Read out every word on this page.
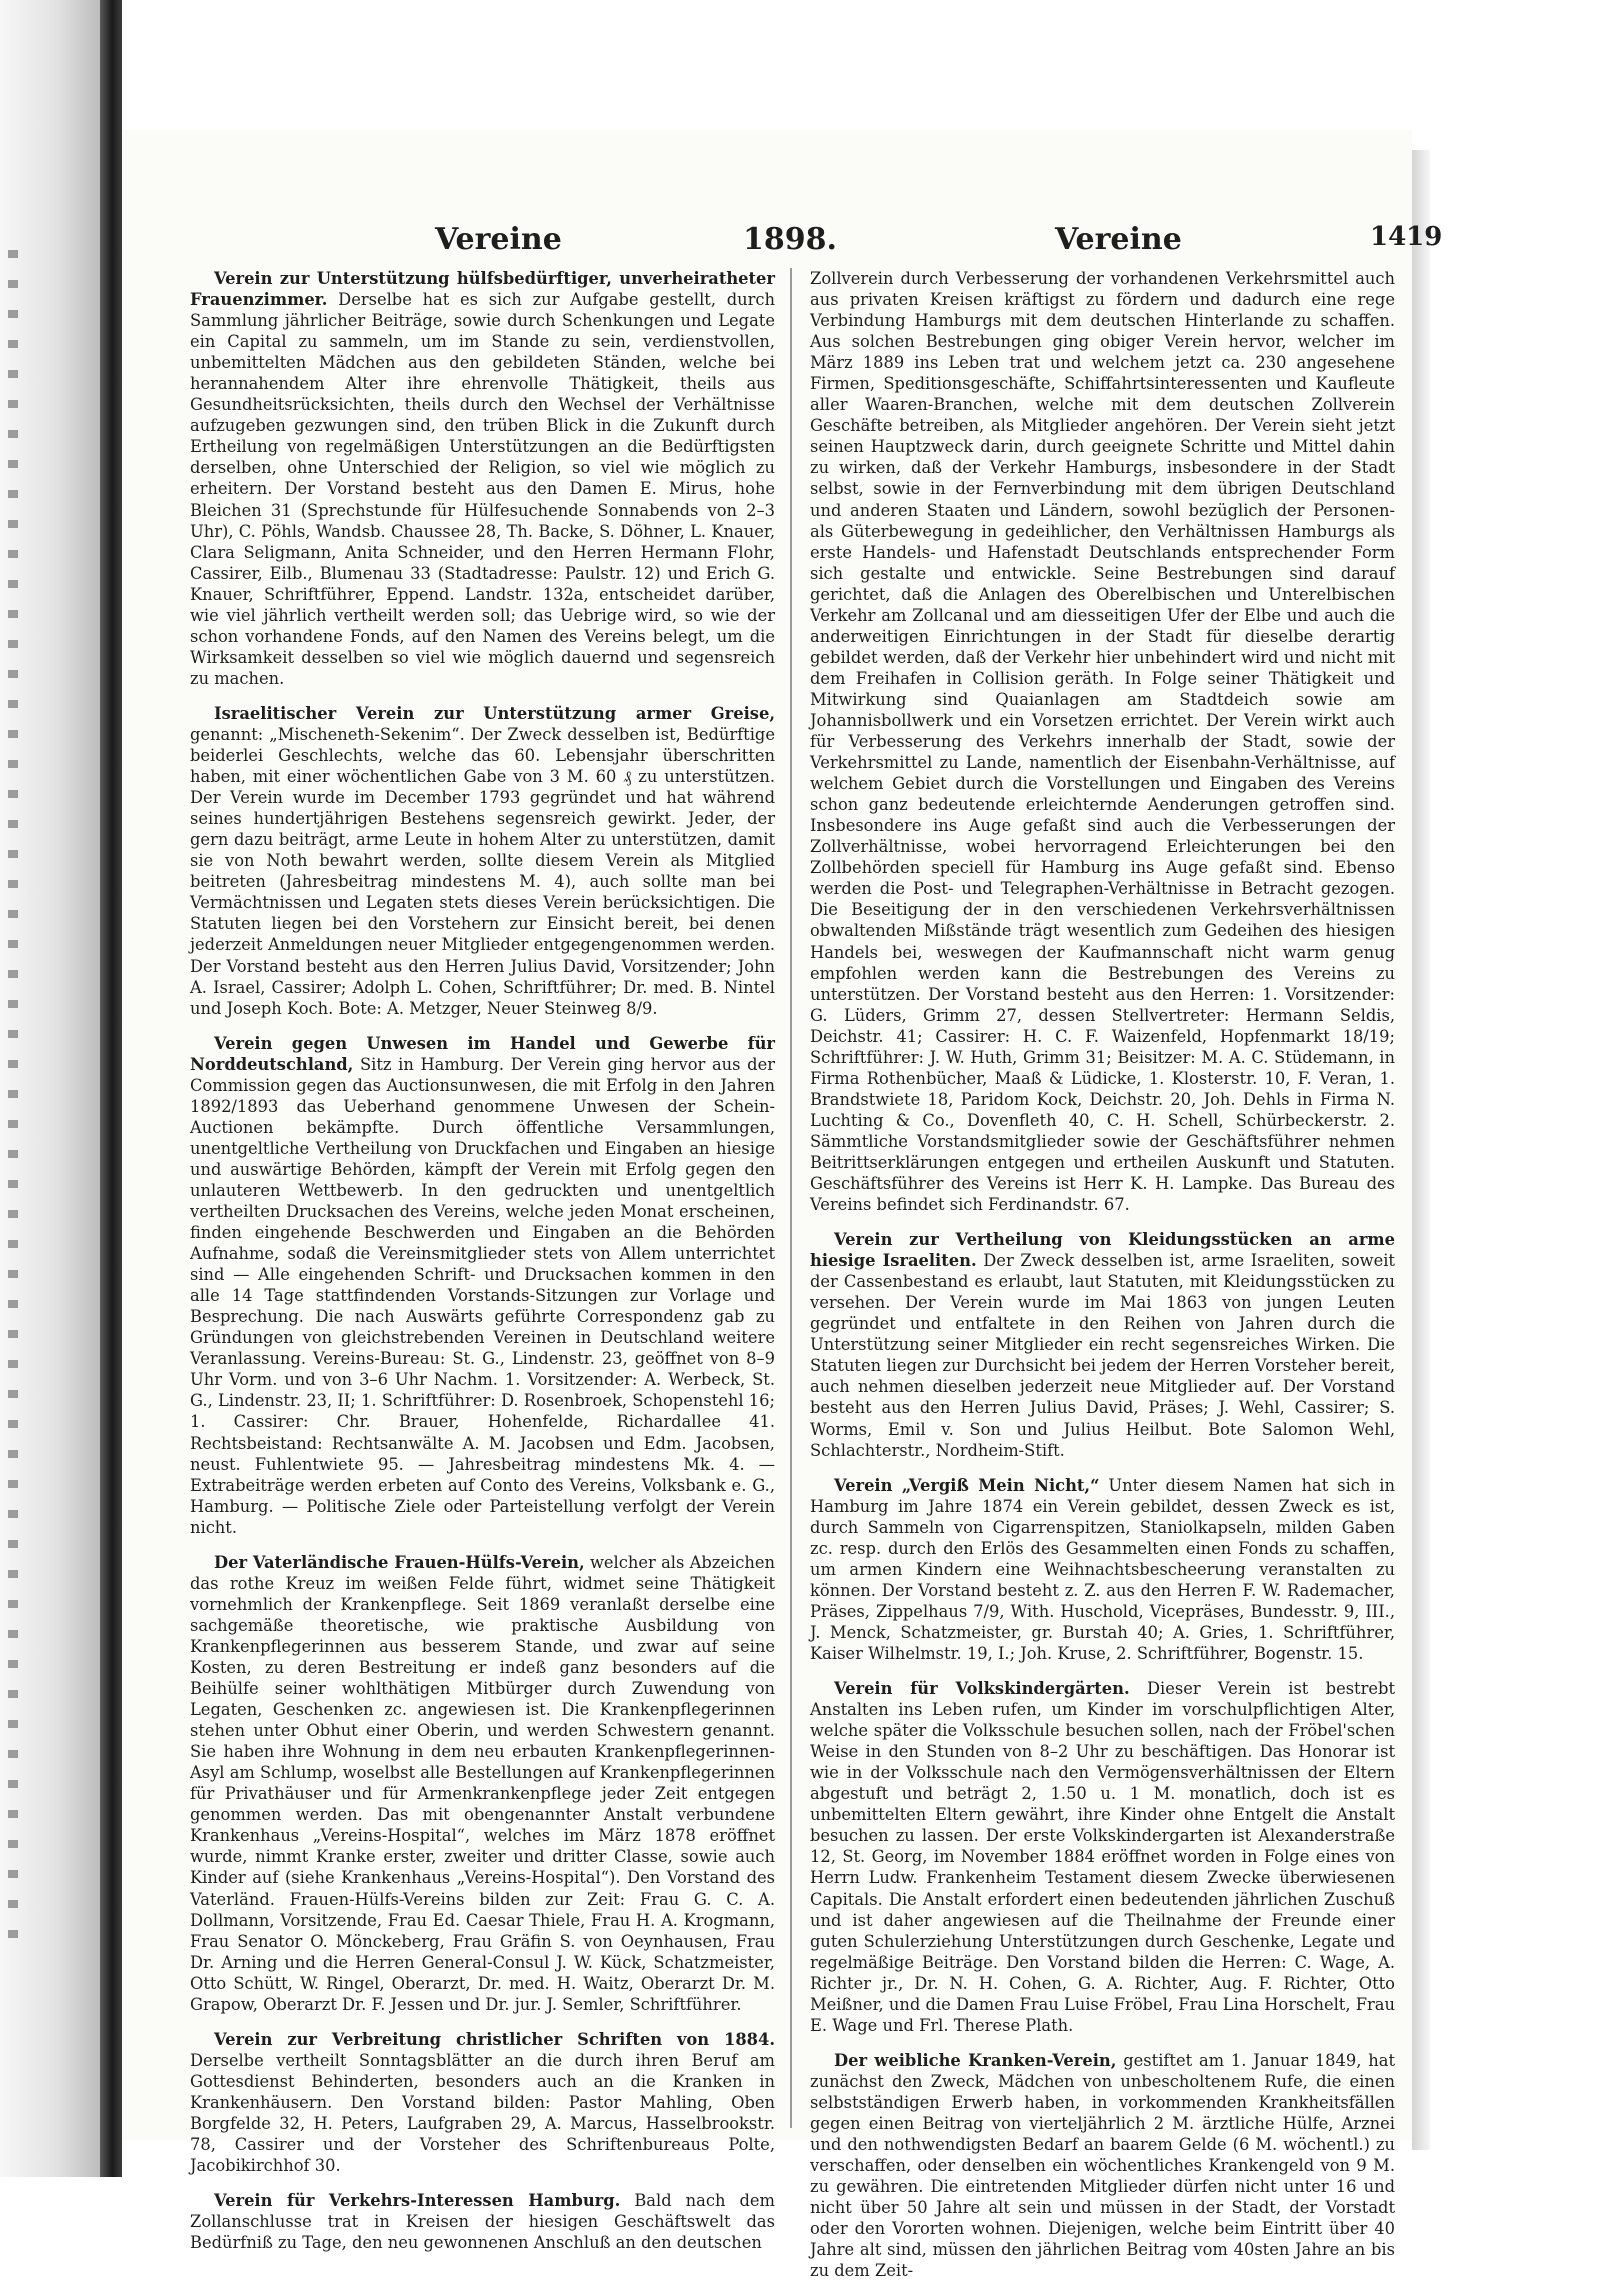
Vereine	1898.	Vereine	1419

Verein zur Unterstützung hülfsbedürftiger, unverheiratheter Frauenzimmer. Derselbe hat es sich zur Aufgabe gestellt, durch Sammlung jährlicher Beiträge, sowie durch Schenkungen und Legate ein Capital zu sammeln, um im Stande zu sein, verdienstvollen, unbemittelten Mädchen aus den gebildeten Ständen, welche bei herannahendem Alter ihre ehrenvolle Thätigkeit, theils aus Gesundheitsrücksichten, theils durch den Wechsel der Verhältnisse aufzugeben gezwungen sind, den trüben Blick in die Zukunft durch Ertheilung von regelmäßigen Unterstützungen an die Bedürftigsten derselben, ohne Unterschied der Religion, so viel wie möglich zu erheitern. Der Vorstand besteht aus den Damen E. Mirus, hohe Bleichen 31 (Sprechstunde für Hülfesuchende Sonnabends von 2–3 Uhr), C. Pöhls, Wandsb. Chaussee 28, Th. Backe, S. Döhner, L. Knauer, Clara Seligmann, Anita Schneider, und den Herren Hermann Flohr, Cassirer, Eilb., Blumenau 33 (Stadtadresse: Paulstr. 12) und Erich G. Knauer, Schriftführer, Eppend. Landstr. 132a, entscheidet darüber, wie viel jährlich vertheilt werden soll; das Uebrige wird, so wie der schon vorhandene Fonds, auf den Namen des Vereins belegt, um die Wirksamkeit desselben so viel wie möglich dauernd und segensreich zu machen.

Israelitischer Verein zur Unterstützung armer Greise, genannt: „Mischeneth-Sekenim“. Der Zweck desselben ist, Bedürftige beiderlei Geschlechts, welche das 60. Lebensjahr überschritten haben, mit einer wöchentlichen Gabe von 3 M. 60 ₰ zu unterstützen. Der Verein wurde im December 1793 gegründet und hat während seines hundertjährigen Bestehens segensreich gewirkt. Jeder, der gern dazu beiträgt, arme Leute in hohem Alter zu unterstützen, damit sie von Noth bewahrt werden, sollte diesem Verein als Mitglied beitreten (Jahresbeitrag mindestens M. 4), auch sollte man bei Vermächtnissen und Legaten stets dieses Verein berücksichtigen. Die Statuten liegen bei den Vorstehern zur Einsicht bereit, bei denen jederzeit Anmeldungen neuer Mitglieder entgegengenommen werden. Der Vorstand besteht aus den Herren Julius David, Vorsitzender; John A. Israel, Cassirer; Adolph L. Cohen, Schriftführer; Dr. med. B. Nintel und Joseph Koch. Bote: A. Metzger, Neuer Steinweg 8/9.

Verein gegen Unwesen im Handel und Gewerbe für Norddeutschland, Sitz in Hamburg. Der Verein ging hervor aus der Commission gegen das Auctionsunwesen, die mit Erfolg in den Jahren 1892/1893 das Ueberhand genommene Unwesen der Schein-Auctionen bekämpfte. Durch öffentliche Versammlungen, unentgeltliche Vertheilung von Druckfachen und Eingaben an hiesige und auswärtige Behörden, kämpft der Verein mit Erfolg gegen den unlauteren Wettbewerb. In den gedruckten und unentgeltlich vertheilten Drucksachen des Vereins, welche jeden Monat erscheinen, finden eingehende Beschwerden und Eingaben an die Behörden Aufnahme, sodaß die Vereinsmitglieder stets von Allem unterrichtet sind — Alle eingehenden Schrift- und Drucksachen kommen in den alle 14 Tage stattfindenden Vorstands-Sitzungen zur Vorlage und Besprechung. Die nach Auswärts geführte Correspondenz gab zu Gründungen von gleichstrebenden Vereinen in Deutschland weitere Veranlassung. Vereins-Bureau: St. G., Lindenstr. 23, geöffnet von 8–9 Uhr Vorm. und von 3–6 Uhr Nachm. 1. Vorsitzender: A. Werbeck, St. G., Lindenstr. 23, II; 1. Schriftführer: D. Rosenbroek, Schopenstehl 16; 1. Cassirer: Chr. Brauer, Hohenfelde, Richardallee 41. Rechtsbeistand: Rechtsanwälte A. M. Jacobsen und Edm. Jacobsen, neust. Fuhlentwiete 95. — Jahresbeitrag mindestens Mk. 4. — Extrabeiträge werden erbeten auf Conto des Vereins, Volksbank e. G., Hamburg. — Politische Ziele oder Parteistellung verfolgt der Verein nicht.

Der Vaterländische Frauen-Hülfs-Verein, welcher als Abzeichen das rothe Kreuz im weißen Felde führt, widmet seine Thätigkeit vornehmlich der Krankenpflege. Seit 1869 veranlaßt derselbe eine sachgemäße theoretische, wie praktische Ausbildung von Krankenpflegerinnen aus besserem Stande, und zwar auf seine Kosten, zu deren Bestreitung er indeß ganz besonders auf die Beihülfe seiner wohlthätigen Mitbürger durch Zuwendung von Legaten, Geschenken zc. angewiesen ist. Die Krankenpflegerinnen stehen unter Obhut einer Oberin, und werden Schwestern genannt. Sie haben ihre Wohnung in dem neu erbauten Krankenpflegerinnen-Asyl am Schlump, woselbst alle Bestellungen auf Krankenpflegerinnen für Privathäuser und für Armenkrankenpflege jeder Zeit entgegen genommen werden. Das mit obengenannter Anstalt verbundene Krankenhaus „Vereins-Hospital“, welches im März 1878 eröffnet wurde, nimmt Kranke erster, zweiter und dritter Classe, sowie auch Kinder auf (siehe Krankenhaus „Vereins-Hospital“). Den Vorstand des Vaterländ. Frauen-Hülfs-Vereins bilden zur Zeit: Frau G. C. A. Dollmann, Vorsitzende, Frau Ed. Caesar Thiele, Frau H. A. Krogmann, Frau Senator O. Mönckeberg, Frau Gräfin S. von Oeynhausen, Frau Dr. Arning und die Herren General-Consul J. W. Kück, Schatzmeister, Otto Schütt, W. Ringel, Oberarzt, Dr. med. H. Waitz, Oberarzt Dr. M. Grapow, Oberarzt Dr. F. Jessen und Dr. jur. J. Semler, Schriftführer.

Verein zur Verbreitung christlicher Schriften von 1884. Derselbe vertheilt Sonntagsblätter an die durch ihren Beruf am Gottesdienst Behinderten, besonders auch an die Kranken in Krankenhäusern. Den Vorstand bilden: Pastor Mahling, Oben Borgfelde 32, H. Peters, Laufgraben 29, A. Marcus, Hasselbrookstr. 78, Cassirer und der Vorsteher des Schriftenbureaus Polte, Jacobikirchhof 30.

Verein für Verkehrs-Interessen Hamburg. Bald nach dem Zollanschlusse trat in Kreisen der hiesigen Geschäftswelt das Bedürfniß zu Tage, den neu gewonnenen Anschluß an den deutschen

Zollverein durch Verbesserung der vorhandenen Verkehrsmittel auch aus privaten Kreisen kräftigst zu fördern und dadurch eine rege Verbindung Hamburgs mit dem deutschen Hinterlande zu schaffen. Aus solchen Bestrebungen ging obiger Verein hervor, welcher im März 1889 ins Leben trat und welchem jetzt ca. 230 angesehene Firmen, Speditionsgeschäfte, Schiffahrtsinteressenten und Kaufleute aller Waaren-Branchen, welche mit dem deutschen Zollverein Geschäfte betreiben, als Mitglieder angehören. Der Verein sieht jetzt seinen Hauptzweck darin, durch geeignete Schritte und Mittel dahin zu wirken, daß der Verkehr Hamburgs, insbesondere in der Stadt selbst, sowie in der Fernverbindung mit dem übrigen Deutschland und anderen Staaten und Ländern, sowohl bezüglich der Personen- als Güterbewegung in gedeihlicher, den Verhältnissen Hamburgs als erste Handels- und Hafenstadt Deutschlands entsprechender Form sich gestalte und entwickle. Seine Bestrebungen sind darauf gerichtet, daß die Anlagen des Oberelbischen und Unterelbischen Verkehr am Zollcanal und am diesseitigen Ufer der Elbe und auch die anderweitigen Einrichtungen in der Stadt für dieselbe derartig gebildet werden, daß der Verkehr hier unbehindert wird und nicht mit dem Freihafen in Collision geräth. In Folge seiner Thätigkeit und Mitwirkung sind Quaianlagen am Stadtdeich sowie am Johannisbollwerk und ein Vorsetzen errichtet. Der Verein wirkt auch für Verbesserung des Verkehrs innerhalb der Stadt, sowie der Verkehrsmittel zu Lande, namentlich der Eisenbahn-Verhältnisse, auf welchem Gebiet durch die Vorstellungen und Eingaben des Vereins schon ganz bedeutende erleichternde Aenderungen getroffen sind. Insbesondere ins Auge gefaßt sind auch die Verbesserungen der Zollverhältnisse, wobei hervorragend Erleichterungen bei den Zollbehörden speciell für Hamburg ins Auge gefaßt sind. Ebenso werden die Post- und Telegraphen-Verhältnisse in Betracht gezogen. Die Beseitigung der in den verschiedenen Verkehrsverhältnissen obwaltenden Mißstände trägt wesentlich zum Gedeihen des hiesigen Handels bei, weswegen der Kaufmannschaft nicht warm genug empfohlen werden kann die Bestrebungen des Vereins zu unterstützen. Der Vorstand besteht aus den Herren: 1. Vorsitzender: G. Lüders, Grimm 27, dessen Stellvertreter: Hermann Seldis, Deichstr. 41; Cassirer: H. C. F. Waizenfeld, Hopfenmarkt 18/19; Schriftführer: J. W. Huth, Grimm 31; Beisitzer: M. A. C. Stüdemann, in Firma Rothenbücher, Maaß & Lüdicke, 1. Klosterstr. 10, F. Veran, 1. Brandstwiete 18, Paridom Kock, Deichstr. 20, Joh. Dehls in Firma N. Luchting & Co., Dovenfleth 40, C. H. Schell, Schürbeckerstr. 2. Sämmtliche Vorstandsmitglieder sowie der Geschäftsführer nehmen Beitrittserklärungen entgegen und ertheilen Auskunft und Statuten. Geschäftsführer des Vereins ist Herr K. H. Lampke. Das Bureau des Vereins befindet sich Ferdinandstr. 67.

Verein zur Vertheilung von Kleidungsstücken an arme hiesige Israeliten. Der Zweck desselben ist, arme Israeliten, soweit der Cassenbestand es erlaubt, laut Statuten, mit Kleidungsstücken zu versehen. Der Verein wurde im Mai 1863 von jungen Leuten gegründet und entfaltete in den Reihen von Jahren durch die Unterstützung seiner Mitglieder ein recht segensreiches Wirken. Die Statuten liegen zur Durchsicht bei jedem der Herren Vorsteher bereit, auch nehmen dieselben jederzeit neue Mitglieder auf. Der Vorstand besteht aus den Herren Julius David, Präses; J. Wehl, Cassirer; S. Worms, Emil v. Son und Julius Heilbut. Bote Salomon Wehl, Schlachterstr., Nordheim-Stift.

Verein „Vergiß Mein Nicht,“ Unter diesem Namen hat sich in Hamburg im Jahre 1874 ein Verein gebildet, dessen Zweck es ist, durch Sammeln von Cigarrenspitzen, Staniolkapseln, milden Gaben zc. resp. durch den Erlös des Gesammelten einen Fonds zu schaffen, um armen Kindern eine Weihnachtsbescheerung veranstalten zu können. Der Vorstand besteht z. Z. aus den Herren F. W. Rademacher, Präses, Zippelhaus 7/9, With. Huschold, Vicepräses, Bundesstr. 9, III., J. Menck, Schatzmeister, gr. Burstah 40; A. Gries, 1. Schriftführer, Kaiser Wilhelmstr. 19, I.; Joh. Kruse, 2. Schriftführer, Bogenstr. 15.

Verein für Volkskindergärten. Dieser Verein ist bestrebt Anstalten ins Leben rufen, um Kinder im vorschulpflichtigen Alter, welche später die Volksschule besuchen sollen, nach der Fröbel'schen Weise in den Stunden von 8–2 Uhr zu beschäftigen. Das Honorar ist wie in der Volksschule nach den Vermögensverhältnissen der Eltern abgestuft und beträgt 2, 1.50 u. 1 M. monatlich, doch ist es unbemittelten Eltern gewährt, ihre Kinder ohne Entgelt die Anstalt besuchen zu lassen. Der erste Volkskindergarten ist Alexanderstraße 12, St. Georg, im November 1884 eröffnet worden in Folge eines von Herrn Ludw. Frankenheim Testament diesem Zwecke überwiesenen Capitals. Die Anstalt erfordert einen bedeutenden jährlichen Zuschuß und ist daher angewiesen auf die Theilnahme der Freunde einer guten Schulerziehung Unterstützungen durch Geschenke, Legate und regelmäßige Beiträge. Den Vorstand bilden die Herren: C. Wage, A. Richter jr., Dr. N. H. Cohen, G. A. Richter, Aug. F. Richter, Otto Meißner, und die Damen Frau Luise Fröbel, Frau Lina Horschelt, Frau E. Wage und Frl. Therese Plath.

Der weibliche Kranken-Verein, gestiftet am 1. Januar 1849, hat zunächst den Zweck, Mädchen von unbescholtenem Rufe, die einen selbstständigen Erwerb haben, in vorkommenden Krankheitsfällen gegen einen Beitrag von vierteljährlich 2 M. ärztliche Hülfe, Arznei und den nothwendigsten Bedarf an baarem Gelde (6 M. wöchentl.) zu verschaffen, oder denselben ein wöchentliches Krankengeld von 9 M. zu gewähren. Die eintretenden Mitglieder dürfen nicht unter 16 und nicht über 50 Jahre alt sein und müssen in der Stadt, der Vorstadt oder den Vororten wohnen. Diejenigen, welche beim Eintritt über 40 Jahre alt sind, müssen den jährlichen Beitrag vom 40sten Jahre an bis zu dem Zeit-
